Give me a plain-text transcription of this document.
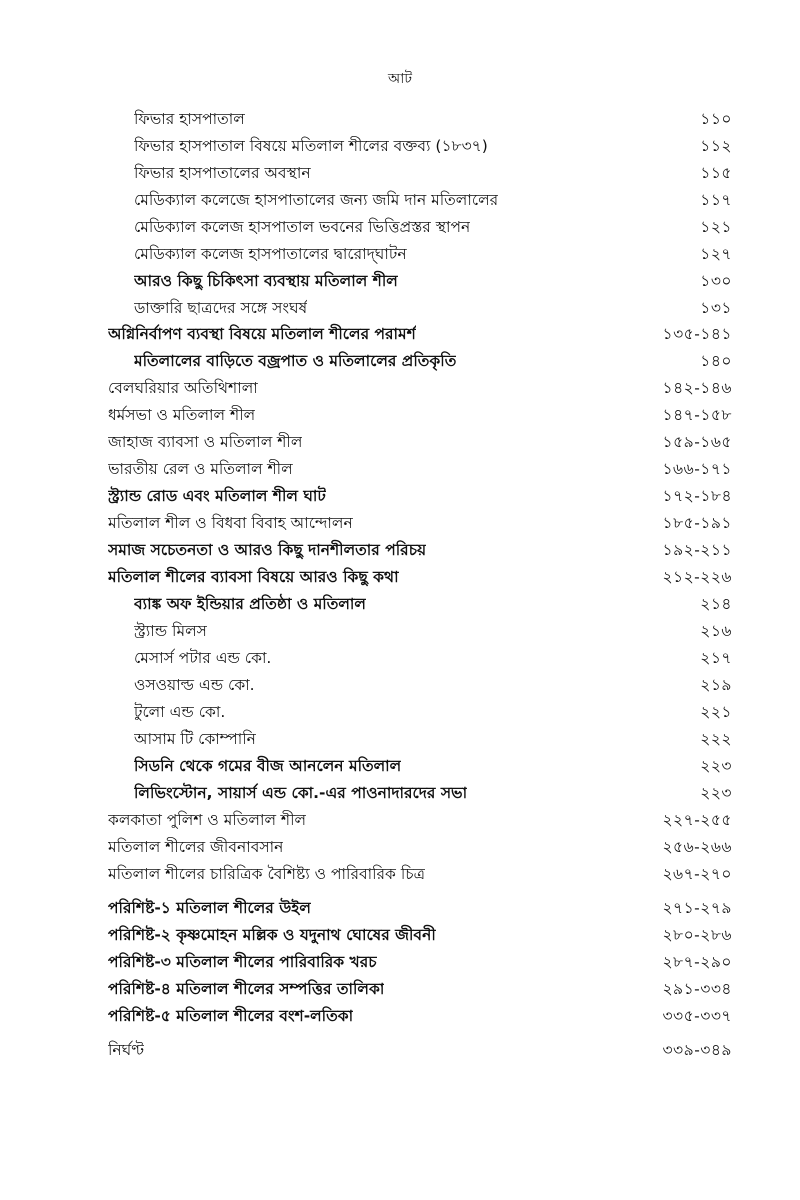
আট
ফিভার হাসপাতাল	১১০
ফিভার হাসপাতাল বিষয়ে মতিলাল শীলের বক্তব্য (১৮৩৭)	১১২
ফিভার হাসপাতালের অবস্থান	১১৫
মেডিক্যাল কলেজে হাসপাতালের জন্য জমি দান মতিলালের	১১৭
মেডিক্যাল কলেজ হাসপাতাল ভবনের ভিত্তিপ্রস্তর স্থাপন	১২১
মেডিক্যাল কলেজ হাসপাতালের দ্বারোদ্‌ঘাটন	১২৭
আরও কিছু চিকিৎসা ব্যবস্থায় মতিলাল শীল	১৩০
ডাক্তারি ছাত্রদের সঙ্গে সংঘর্ষ	১৩১
অগ্নিনির্বাপণ ব্যবস্থা বিষয়ে মতিলাল শীলের পরামর্শ	১৩৫-১৪১
মতিলালের বাড়িতে বজ্রপাত ও মতিলালের প্রতিকৃতি	১৪০
বেলঘরিয়ার অতিথিশালা	১৪২-১৪৬
ধর্মসভা ও মতিলাল শীল	১৪৭-১৫৮
জাহাজ ব্যাবসা ও মতিলাল শীল	১৫৯-১৬৫
ভারতীয় রেল ও মতিলাল শীল	১৬৬-১৭১
স্ট্র্যান্ড রোড এবং মতিলাল শীল ঘাট	১৭২-১৮৪
মতিলাল শীল ও বিধবা বিবাহ আন্দোলন	১৮৫-১৯১
সমাজ সচেতনতা ও আরও কিছু দানশীলতার পরিচয়	১৯২-২১১
মতিলাল শীলের ব্যাবসা বিষয়ে আরও কিছু কথা	২১২-২২৬
ব্যাঙ্ক অফ ইন্ডিয়ার প্রতিষ্ঠা ও মতিলাল	২১৪
স্ট্র্যান্ড মিলস	২১৬
মেসার্স পটার এন্ড কো.	২১৭
ওসওয়াল্ড এন্ড কো.	২১৯
টুলো এন্ড কো.	২২১
আসাম টি কোম্পানি	২২২
সিডনি থেকে গমের বীজ আনলেন মতিলাল	২২৩
লিভিংস্টোন, সায়ার্স এন্ড কো.-এর পাওনাদারদের সভা	২২৩
কলকাতা পুলিশ ও মতিলাল শীল	২২৭-২৫৫
মতিলাল শীলের জীবনাবসান	২৫৬-২৬৬
মতিলাল শীলের চারিত্রিক বৈশিষ্ট্য ও পারিবারিক চিত্র	২৬৭-২৭০
পরিশিষ্ট-১ মতিলাল শীলের উইল	২৭১-২৭৯
পরিশিষ্ট-২ কৃষ্ণমোহন মল্লিক ও যদুনাথ ঘোষের জীবনী	২৮০-২৮৬
পরিশিষ্ট-৩ মতিলাল শীলের পারিবারিক খরচ	২৮৭-২৯০
পরিশিষ্ট-৪ মতিলাল শীলের সম্পত্তির তালিকা	২৯১-৩৩৪
পরিশিষ্ট-৫ মতিলাল শীলের বংশ-লতিকা	৩৩৫-৩৩৭
নির্ঘণ্ট	৩৩৯-৩৪৯
